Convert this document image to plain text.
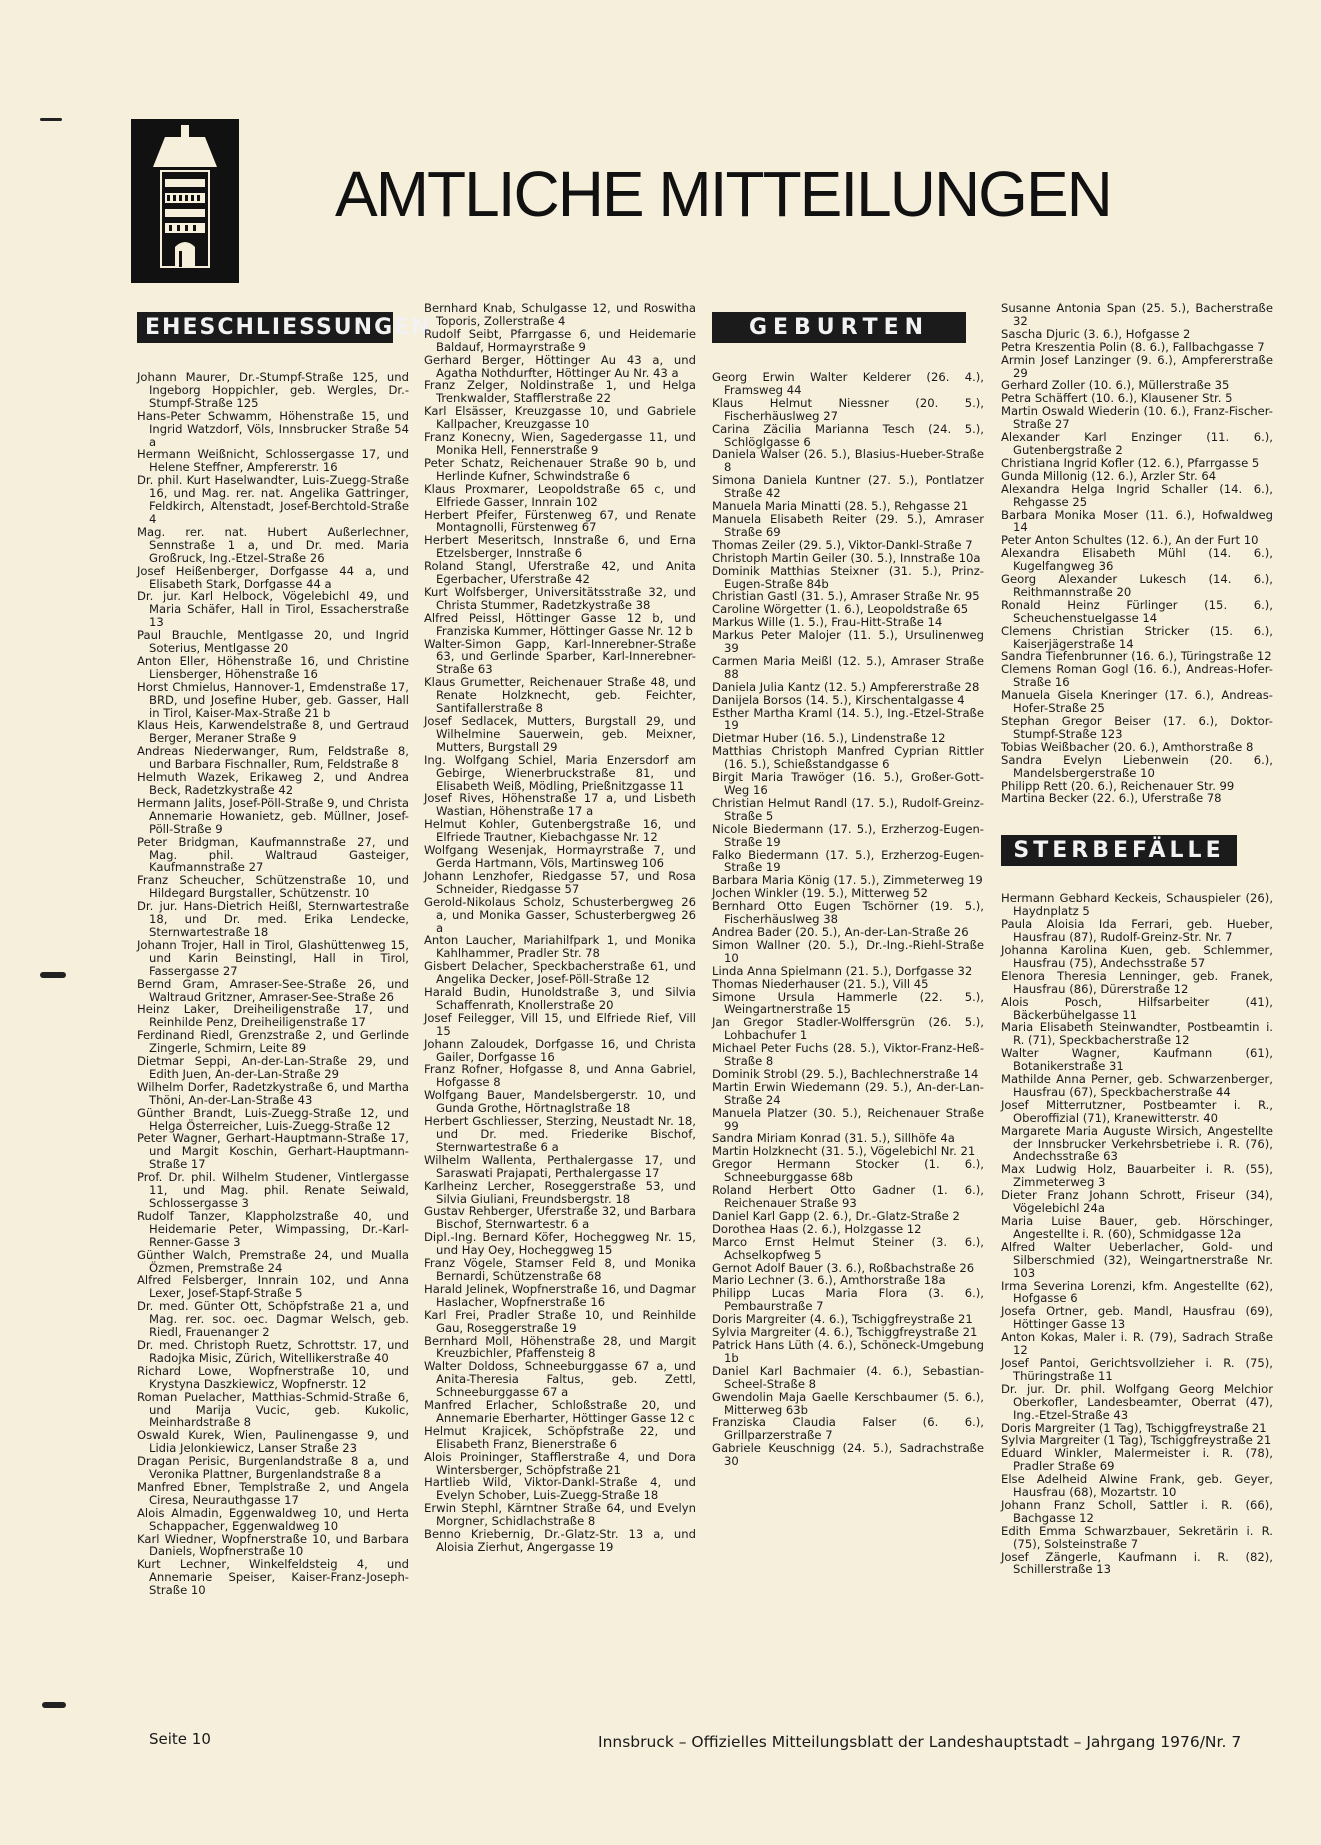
AMTLICHE MITTEILUNGEN
EHESCHLIESSUNGEN

Johann Maurer, Dr.-Stumpf-Straße 125, und Ingeborg Hoppichler, geb. Wergles, Dr.-Stumpf-Straße 125

Hans-Peter Schwamm, Höhenstraße 15, und Ingrid Watzdorf, Völs, Innsbrucker Straße 54 a

Hermann Weißnicht, Schlossergasse 17, und Helene Steffner, Ampfererstr. 16

Dr. phil. Kurt Haselwandter, Luis-Zuegg-Straße 16, und Mag. rer. nat. Angelika Gattringer, Feldkirch, Altenstadt, Josef-Berchtold-Straße 4

Mag. rer. nat. Hubert Außerlechner, Sennstraße 1 a, und Dr. med. Maria Großruck, Ing.-Etzel-Straße 26

Josef Heißenberger, Dorfgasse 44 a, und Elisabeth Stark, Dorfgasse 44 a

Dr. jur. Karl Helbock, Vögelebichl 49, und Maria Schäfer, Hall in Tirol, Essacherstraße 13

Paul Brauchle, Mentlgasse 20, und Ingrid Soterius, Mentlgasse 20

Anton Eller, Höhenstraße 16, und Christine Liensberger, Höhenstraße 16

Horst Chmielus, Hannover-1, Emdenstraße 17, BRD, und Josefine Huber, geb. Gasser, Hall in Tirol, Kaiser-Max-Straße 21 b

Klaus Heis, Karwendelstraße 8, und Gertraud Berger, Meraner Straße 9

Andreas Niederwanger, Rum, Feldstraße 8, und Barbara Fischnaller, Rum, Feldstraße 8

Helmuth Wazek, Erikaweg 2, und Andrea Beck, Radetzkystraße 42

Hermann Jalits, Josef-Pöll-Straße 9, und Christa Annemarie Howanietz, geb. Müllner, Josef-Pöll-Straße 9

Peter Bridgman, Kaufmannstraße 27, und Mag. phil. Waltraud Gasteiger, Kaufmannstraße 27

Franz Scheucher, Schützenstraße 10, und Hildegard Burgstaller, Schützenstr. 10

Dr. jur. Hans-Dietrich Heißl, Sternwartestraße 18, und Dr. med. Erika Lendecke, Sternwartestraße 18

Johann Trojer, Hall in Tirol, Glashüttenweg 15, und Karin Beinstingl, Hall in Tirol, Fassergasse 27

Bernd Gram, Amraser-See-Straße 26, und Waltraud Gritzner, Amraser-See-Straße 26

Heinz Laker, Dreiheiligenstraße 17, und Reinhilde Penz, Dreiheiligenstraße 17

Ferdinand Riedl, Grenzstraße 2, und Gerlinde Zingerle, Schmirn, Leite 89

Dietmar Seppi, An-der-Lan-Straße 29, und Edith Juen, An-der-Lan-Straße 29

Wilhelm Dorfer, Radetzkystraße 6, und Martha Thöni, An-der-Lan-Straße 43

Günther Brandt, Luis-Zuegg-Straße 12, und Helga Österreicher, Luis-Zuegg-Straße 12

Peter Wagner, Gerhart-Hauptmann-Straße 17, und Margit Koschin, Gerhart-Hauptmann-Straße 17

Prof. Dr. phil. Wilhelm Studener, Vintlergasse 11, und Mag. phil. Renate Seiwald, Schlossergasse 3

Rudolf Tanzer, Klappholzstraße 40, und Heidemarie Peter, Wimpassing, Dr.-Karl-Renner-Gasse 3

Günther Walch, Premstraße 24, und Mualla Özmen, Premstraße 24

Alfred Felsberger, Innrain 102, und Anna Lexer, Josef-Stapf-Straße 5

Dr. med. Günter Ott, Schöpfstraße 21 a, und Mag. rer. soc. oec. Dagmar Welsch, geb. Riedl, Frauenanger 2

Dr. med. Christoph Ruetz, Schrottstr. 17, und Radojka Misic, Zürich, Witellikerstraße 40

Richard Lowe, Wopfnerstraße 10, und Krystyna Daszkiewicz, Wopfnerstr. 12

Roman Puelacher, Matthias-Schmid-Straße 6, und Marija Vucic, geb. Kukolic, Meinhardstraße 8

Oswald Kurek, Wien, Paulinengasse 9, und Lidia Jelonkiewicz, Lanser Straße 23

Dragan Perisic, Burgenlandstraße 8 a, und Veronika Plattner, Burgenlandstraße 8 a

Manfred Ebner, Templstraße 2, und Angela Ciresa, Neurauthgasse 17

Alois Almadin, Eggenwaldweg 10, und Herta Schappacher, Eggenwaldweg 10

Karl Wiedner, Wopfnerstraße 10, und Barbara Daniels, Wopfnerstraße 10

Kurt Lechner, Winkelfeldsteig 4, und Annemarie Speiser, Kaiser-Franz-Joseph-Straße 10

Bernhard Knab, Schulgasse 12, und Roswitha Toporis, Zollerstraße 4

Rudolf Seibt, Pfarrgasse 6, und Heidemarie Baldauf, Hormayrstraße 9

Gerhard Berger, Höttinger Au 43 a, und Agatha Nothdurfter, Höttinger Au Nr. 43 a

Franz Zelger, Noldinstraße 1, und Helga Trenkwalder, Stafflerstraße 22

Karl Elsässer, Kreuzgasse 10, und Gabriele Kallpacher, Kreuzgasse 10

Franz Konecny, Wien, Sagedergasse 11, und Monika Hell, Fennerstraße 9

Peter Schatz, Reichenauer Straße 90 b, und Herlinde Kufner, Schwindstraße 6

Klaus Proxmarer, Leopoldstraße 65 c, und Elfriede Gasser, Innrain 102

Herbert Pfeifer, Fürstenweg 67, und Renate Montagnolli, Fürstenweg 67

Herbert Meseritsch, Innstraße 6, und Erna Etzelsberger, Innstraße 6

Roland Stangl, Uferstraße 42, und Anita Egerbacher, Uferstraße 42

Kurt Wolfsberger, Universitätsstraße 32, und Christa Stummer, Radetzkystraße 38

Alfred Peissl, Höttinger Gasse 12 b, und Franziska Kummer, Höttinger Gasse Nr. 12 b

Walter-Simon Gapp, Karl-Innerebner-Straße 63, und Gerlinde Sparber, Karl-Innerebner-Straße 63

Klaus Grumetter, Reichenauer Straße 48, und Renate Holzknecht, geb. Feichter, Santifallerstraße 8

Josef Sedlacek, Mutters, Burgstall 29, und Wilhelmine Sauerwein, geb. Meixner, Mutters, Burgstall 29

Ing. Wolfgang Schiel, Maria Enzersdorf am Gebirge, Wienerbruckstraße 81, und Elisabeth Weiß, Mödling, Prießnitzgasse 11

Josef Rives, Höhenstraße 17 a, und Lisbeth Wastian, Höhenstraße 17 a

Helmut Kohler, Gutenbergstraße 16, und Elfriede Trautner, Kiebachgasse Nr. 12

Wolfgang Wesenjak, Hormayrstraße 7, und Gerda Hartmann, Völs, Martinsweg 106

Johann Lenzhofer, Riedgasse 57, und Rosa Schneider, Riedgasse 57

Gerold-Nikolaus Scholz, Schusterbergweg 26 a, und Monika Gasser, Schusterbergweg 26 a

Anton Laucher, Mariahilfpark 1, und Monika Kahlhammer, Pradler Str. 78

Gisbert Delacher, Speckbacherstraße 61, und Angelika Decker, Josef-Pöll-Straße 12

Harald Budin, Hunoldstraße 3, und Silvia Schaffenrath, Knollerstraße 20

Josef Feilegger, Vill 15, und Elfriede Rief, Vill 15

Johann Zaloudek, Dorfgasse 16, und Christa Gailer, Dorfgasse 16

Franz Rofner, Hofgasse 8, und Anna Gabriel, Hofgasse 8

Wolfgang Bauer, Mandelsbergerstr. 10, und Gunda Grothe, Hörtnaglstraße 18

Herbert Gschliesser, Sterzing, Neustadt Nr. 18, und Dr. med. Friederike Bischof, Sternwartestraße 6 a

Wilhelm Wallenta, Perthalergasse 17, und Saraswati Prajapati, Perthalergasse 17

Karlheinz Lercher, Roseggerstraße 53, und Silvia Giuliani, Freundsbergstr. 18

Gustav Rehberger, Uferstraße 32, und Barbara Bischof, Sternwartestr. 6 a

Dipl.-Ing. Bernard Köfer, Hocheggweg Nr. 15, und Hay Oey, Hocheggweg 15

Franz Vögele, Stamser Feld 8, und Monika Bernardi, Schützenstraße 68

Harald Jelinek, Wopfnerstraße 16, und Dagmar Haslacher, Wopfnerstraße 16

Karl Frei, Pradler Straße 10, und Reinhilde Gau, Roseggerstraße 19

Bernhard Moll, Höhenstraße 28, und Margit Kreuzbichler, Pfaffensteig 8

Walter Doldoss, Schneeburggasse 67 a, und Anita-Theresia Faltus, geb. Zettl, Schneeburggasse 67 a

Manfred Erlacher, Schloßstraße 20, und Annemarie Eberharter, Höttinger Gasse 12 c

Helmut Krajicek, Schöpfstraße 22, und Elisabeth Franz, Bienerstraße 6

Alois Proininger, Stafflerstraße 4, und Dora Wintersberger, Schöpfstraße 21

Hartlieb Wild, Viktor-Dankl-Straße 4, und Evelyn Schober, Luis-Zuegg-Straße 18

Erwin Stephl, Kärntner Straße 64, und Evelyn Morgner, Schidlachstraße 8

Benno Kriebernig, Dr.-Glatz-Str. 13 a, und Aloisia Zierhut, Angergasse 19

GEBURTEN

Georg Erwin Walter Kelderer (26. 4.), Framsweg 44

Klaus Helmut Niessner (20. 5.), Fischerhäuslweg 27

Carina Zäcilia Marianna Tesch (24. 5.), Schlöglgasse 6

Daniela Walser (26. 5.), Blasius-Hueber-Straße 8

Simona Daniela Kuntner (27. 5.), Pontlatzer Straße 42

Manuela Maria Minatti (28. 5.), Rehgasse 21

Manuela Elisabeth Reiter (29. 5.), Amraser Straße 69

Thomas Zeiler (29. 5.), Viktor-Dankl-Straße 7

Christoph Martin Geiler (30. 5.), Innstraße 10a

Dominik Matthias Steixner (31. 5.), Prinz-Eugen-Straße 84b

Christian Gastl (31. 5.), Amraser Straße Nr. 95

Caroline Wörgetter (1. 6.), Leopoldstraße 65

Markus Wille (1. 5.), Frau-Hitt-Straße 14

Markus Peter Malojer (11. 5.), Ursulinenweg 39

Carmen Maria Meißl (12. 5.), Amraser Straße 88

Daniela Julia Kantz (12. 5.) Ampfererstraße 28

Danijela Borsos (14. 5.), Kirschentalgasse 4

Esther Martha Kraml (14. 5.), Ing.-Etzel-Straße 19

Dietmar Huber (16. 5.), Lindenstraße 12

Matthias Christoph Manfred Cyprian Rittler (16. 5.), Schießstandgasse 6

Birgit Maria Trawöger (16. 5.), Großer-Gott-Weg 16

Christian Helmut Randl (17. 5.), Rudolf-Greinz-Straße 5

Nicole Biedermann (17. 5.), Erzherzog-Eugen-Straße 19

Falko Biedermann (17. 5.), Erzherzog-Eugen-Straße 19

Barbara Maria König (17. 5.), Zimmeterweg 19

Jochen Winkler (19. 5.), Mitterweg 52

Bernhard Otto Eugen Tschörner (19. 5.), Fischerhäuslweg 38

Andrea Bader (20. 5.), An-der-Lan-Straße 26

Simon Wallner (20. 5.), Dr.-Ing.-Riehl-Straße 10

Linda Anna Spielmann (21. 5.), Dorfgasse 32

Thomas Niederhauser (21. 5.), Vill 45

Simone Ursula Hammerle (22. 5.), Weingartnerstraße 15

Jan Gregor Stadler-Wolffersgrün (26. 5.), Lohbachufer 1

Michael Peter Fuchs (28. 5.), Viktor-Franz-Heß-Straße 8

Dominik Strobl (29. 5.), Bachlechnerstraße 14

Martin Erwin Wiedemann (29. 5.), An-der-Lan-Straße 24

Manuela Platzer (30. 5.), Reichenauer Straße 99

Sandra Miriam Konrad (31. 5.), Sillhöfe 4a

Martin Holzknecht (31. 5.), Vögelebichl Nr. 21

Gregor Hermann Stocker (1. 6.), Schneeburggasse 68b

Roland Herbert Otto Gadner (1. 6.), Reichenauer Straße 93

Daniel Karl Gapp (2. 6.), Dr.-Glatz-Straße 2

Dorothea Haas (2. 6.), Holzgasse 12

Marco Ernst Helmut Steiner (3. 6.), Achselkopfweg 5

Gernot Adolf Bauer (3. 6.), Roßbachstraße 26

Mario Lechner (3. 6.), Amthorstraße 18a

Philipp Lucas Maria Flora (3. 6.), Pembaurstraße 7

Doris Margreiter (4. 6.), Tschiggfreystraße 21

Sylvia Margreiter (4. 6.), Tschiggfreystraße 21

Patrick Hans Lüth (4. 6.), Schöneck-Umgebung 1b

Daniel Karl Bachmaier (4. 6.), Sebastian-Scheel-Straße 8

Gwendolin Maja Gaelle Kerschbaumer (5. 6.), Mitterweg 63b

Franziska Claudia Falser (6. 6.), Grillparzerstraße 7

Gabriele Keuschnigg (24. 5.), Sadrachstraße 30

Susanne Antonia Span (25. 5.), Bacherstraße 32

Sascha Djuric (3. 6.), Hofgasse 2

Petra Kreszentia Polin (8. 6.), Fallbachgasse 7

Armin Josef Lanzinger (9. 6.), Ampfererstraße 29

Gerhard Zoller (10. 6.), Müllerstraße 35

Petra Schäffert (10. 6.), Klausener Str. 5

Martin Oswald Wiederin (10. 6.), Franz-Fischer-Straße 27

Alexander Karl Enzinger (11. 6.), Gutenbergstraße 2

Christiana Ingrid Kofler (12. 6.), Pfarrgasse 5

Gunda Millonig (12. 6.), Arzler Str. 64

Alexandra Helga Ingrid Schaller (14. 6.), Rehgasse 25

Barbara Monika Moser (11. 6.), Hofwaldweg 14

Peter Anton Schultes (12. 6.), An der Furt 10

Alexandra Elisabeth Mühl (14. 6.), Kugelfangweg 36

Georg Alexander Lukesch (14. 6.), Reithmannstraße 20

Ronald Heinz Fürlinger (15. 6.), Scheuchenstuelgasse 14

Clemens Christian Stricker (15. 6.), Kaiserjägerstraße 14

Sandra Tiefenbrunner (16. 6.), Türingstraße 12

Clemens Roman Gogl (16. 6.), Andreas-Hofer-Straße 16

Manuela Gisela Kneringer (17. 6.), Andreas-Hofer-Straße 25

Stephan Gregor Beiser (17. 6.), Doktor-Stumpf-Straße 123

Tobias Weißbacher (20. 6.), Amthorstraße 8

Sandra Evelyn Liebenwein (20. 6.), Mandelsbergerstraße 10

Philipp Rett (20. 6.), Reichenauer Str. 99

Martina Becker (22. 6.), Uferstraße 78

STERBEFÄLLE

Hermann Gebhard Keckeis, Schauspieler (26), Haydnplatz 5

Paula Aloisia Ida Ferrari, geb. Hueber, Hausfrau (87), Rudolf-Greinz-Str. Nr. 7

Johanna Karolina Kuen, geb. Schlemmer, Hausfrau (75), Andechsstraße 57

Elenora Theresia Lenninger, geb. Franek, Hausfrau (86), Dürerstraße 12

Alois Posch, Hilfsarbeiter (41), Bäckerbühelgasse 11

Maria Elisabeth Steinwandter, Postbeamtin i. R. (71), Speckbacherstraße 12

Walter Wagner, Kaufmann (61), Botanikerstraße 31

Mathilde Anna Perner, geb. Schwarzenberger, Hausfrau (67), Speckbacherstraße 44

Josef Mitterrutzner, Postbeamter i. R., Oberoffizial (71), Kranewitterstr. 40

Margarete Maria Auguste Wirsich, Angestellte der Innsbrucker Verkehrsbetriebe i. R. (76), Andechsstraße 63

Max Ludwig Holz, Bauarbeiter i. R. (55), Zimmeterweg 3

Dieter Franz Johann Schrott, Friseur (34), Vögelebichl 24a

Maria Luise Bauer, geb. Hörschinger, Angestellte i. R. (60), Schmidgasse 12a

Alfred Walter Ueberlacher, Gold- und Silberschmied (32), Weingartnerstraße Nr. 103

Irma Severina Lorenzi, kfm. Angestellte (62), Hofgasse 6

Josefa Ortner, geb. Mandl, Hausfrau (69), Höttinger Gasse 13

Anton Kokas, Maler i. R. (79), Sadrach Straße 12

Josef Pantoi, Gerichtsvollzieher i. R. (75), Thüringstraße 11

Dr. jur. Dr. phil. Wolfgang Georg Melchior Oberkofler, Landesbeamter, Oberrat (47), Ing.-Etzel-Straße 43

Doris Margreiter (1 Tag), Tschiggfreystraße 21

Sylvia Margreiter (1 Tag), Tschiggfreystraße 21

Eduard Winkler, Malermeister i. R. (78), Pradler Straße 69

Else Adelheid Alwine Frank, geb. Geyer, Hausfrau (68), Mozartstr. 10

Johann Franz Scholl, Sattler i. R. (66), Bachgasse 12

Edith Emma Schwarzbauer, Sekretärin i. R. (75), Solsteinstraße 7

Josef Zängerle, Kaufmann i. R. (82), Schillerstraße 13

Seite 10	Innsbruck – Offizielles Mitteilungsblatt der Landeshauptstadt – Jahrgang 1976/Nr. 7
